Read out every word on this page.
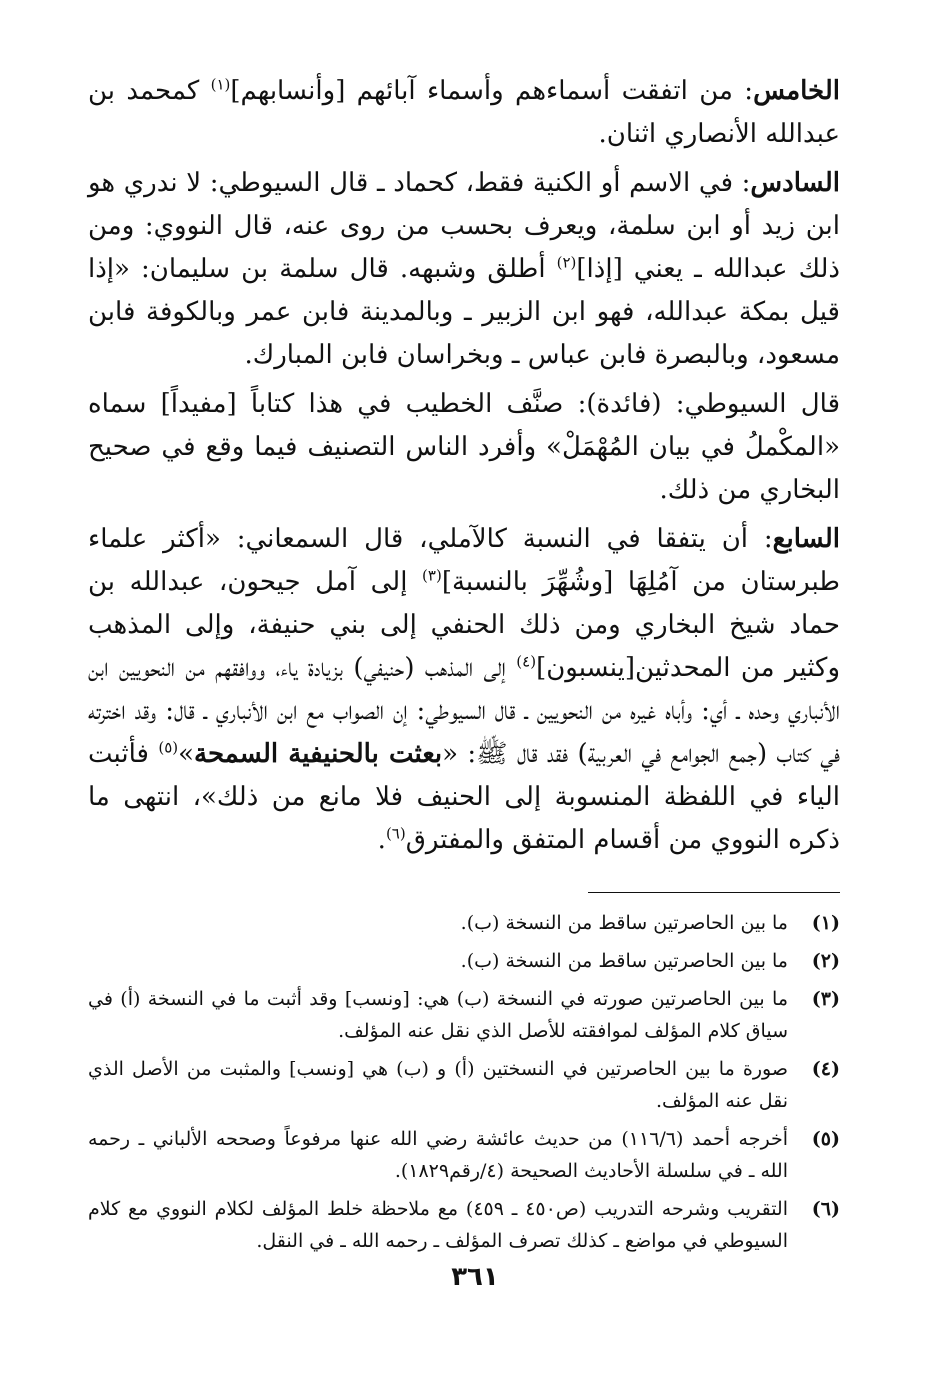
الخامس: من اتفقت أسماءهم وأسماء آبائهم [وأنسابهم]$^{(١)}$ كمحمد بن عبدالله الأنصاري اثنان.

السادس: في الاسم أو الكنية فقط، كحماد ـ قال السيوطي: لا ندري هو ابن زيد أو ابن سلمة، ويعرف بحسب من روى عنه، قال النووي: ومن ذلك عبدالله ـ يعني [إذا]$^{(٢)}$ أطلق وشبهه. قال سلمة بن سليمان: «إذا قيل بمكة عبدالله، فهو ابن الزبير ـ وبالمدينة فابن عمر وبالكوفة فابن مسعود، وبالبصرة فابن عباس ـ وبخراسان فابن المبارك.

قال السيوطي: (فائدة): صنَّف الخطيب في هذا كتاباً [مفيداً] سماه «المكْملُ في بيان المُهْمَلْ» وأفرد الناس التصنيف فيما وقع في صحيح البخاري من ذلك.

السابع: أن يتفقا في النسبة كالآملي، قال السمعاني: «أكثر علماء طبرستان من آمُلِهَا [وشُهِّرَ بالنسبة]$^{(٣)}$ إلى آمل جيحون، عبدالله بن حماد شيخ البخاري ومن ذلك الحنفي إلى بني حنيفة، وإلى المذهب وكثير من المحدثين[ينسبون]$^{(٤)}$ إلى المذهب (حنيفي) بزيادة ياء، ووافقهم من النحويين ابن الأنباري وحده ـ أي: وأباه غيره من النحويين ـ قال السيوطي: إن الصواب مع ابن الأنباري ـ قال: وقد اخترته في كتاب (جمع الجوامع في العربية) فقد قال ﷺ: «بعثت بالحنيفية السمحة»$^{(٥)}$ فأثبت الياء في اللفظة المنسوبة إلى الحنيف فلا مانع من ذلك»، انتهى ما ذكره النووي من أقسام المتفق والمفترق$^{(٦)}$.

(١)
ما بين الحاصرتين ساقط من النسخة (ب).
(٢)
ما بين الحاصرتين ساقط من النسخة (ب).
(٣)
ما بين الحاصرتين صورته في النسخة (ب) هي: [ونسب] وقد أثبت ما في النسخة (أ) في سياق كلام المؤلف لموافقته للأصل الذي نقل عنه المؤلف.
(٤)
صورة ما بين الحاصرتين في النسختين (أ) و (ب) هي [ونسب] والمثبت من الأصل الذي نقل عنه المؤلف.
(٥)
أخرجه أحمد (١١٦/٦) من حديث عائشة رضي الله عنها مرفوعاً وصححه الألباني ـ رحمه الله ـ في سلسلة الأحاديث الصحيحة (٤/رقم١٨٢٩).
(٦)
التقريب وشرحه التدريب (ص٤٥٠ ـ ٤٥٩) مع ملاحظة خلط المؤلف لكلام النووي مع كلام السيوطي في مواضع ـ كذلك تصرف المؤلف ـ رحمه الله ـ في النقل.
٣٦١
